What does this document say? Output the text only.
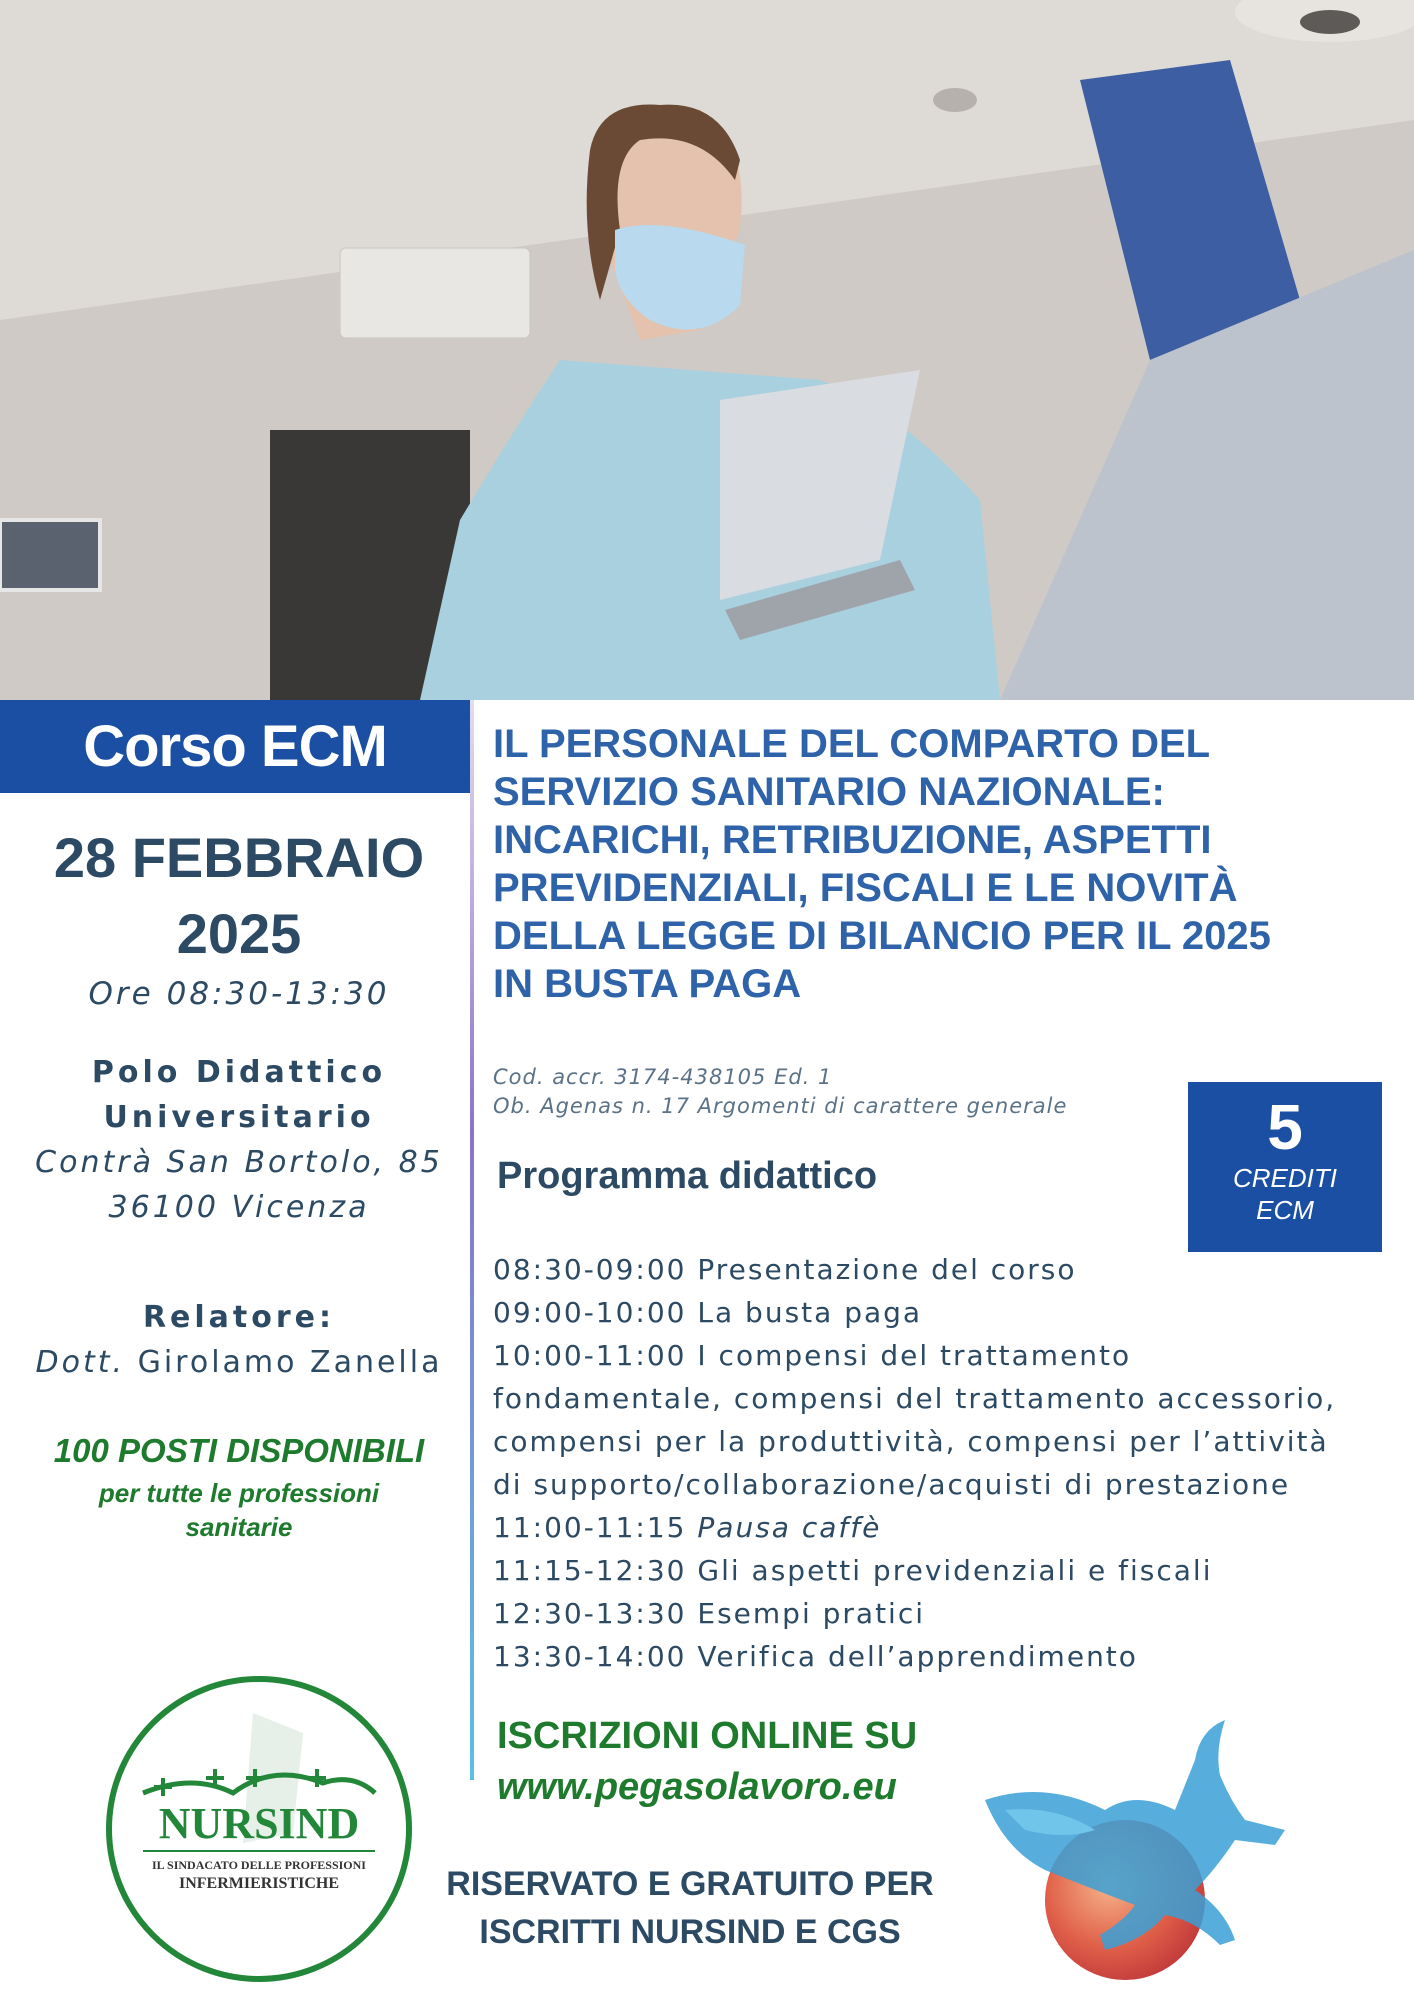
Corso ECM
28 FEBBRAIO
2025
Ore 08:30-13:30
Polo Didattico
Universitario
Contrà San Bortolo, 85
36100 Vicenza
Relatore:
Dott. Girolamo Zanella
100 POSTI DISPONIBILI
per tutte le professioni
sanitarie
IL PERSONALE DEL COMPARTO DEL
SERVIZIO SANITARIO NAZIONALE:
INCARICHI, RETRIBUZIONE, ASPETTI
PREVIDENZIALI, FISCALI E LE NOVITÀ
DELLA LEGGE DI BILANCIO PER IL 2025
IN BUSTA PAGA
Cod. accr. 3174-438105 Ed. 1
Ob. Agenas n. 17 Argomenti di carattere generale	5
CREDITI
ECM
Programma didattico
08:30-09:00 Presentazione del corso
09:00-10:00 La busta paga
10:00-11:00 I compensi del trattamento
fondamentale, compensi del trattamento accessorio,
compensi per la produttività, compensi per l’attività
di supporto/collaborazione/acquisti di prestazione
11:00-11:15 Pausa caffè
11:15-12:30 Gli aspetti previdenziali e fiscali
12:30-13:30 Esempi pratici
13:30-14:00 Verifica dell’apprendimento
ISCRIZIONI ONLINE SU
www.pegasolavoro.eu
RISERVATO E GRATUITO PER
ISCRITTI NURSIND E CGS
NURSIND
IL SINDACATO DELLE PROFESSIONI
INFERMIERISTICHE
